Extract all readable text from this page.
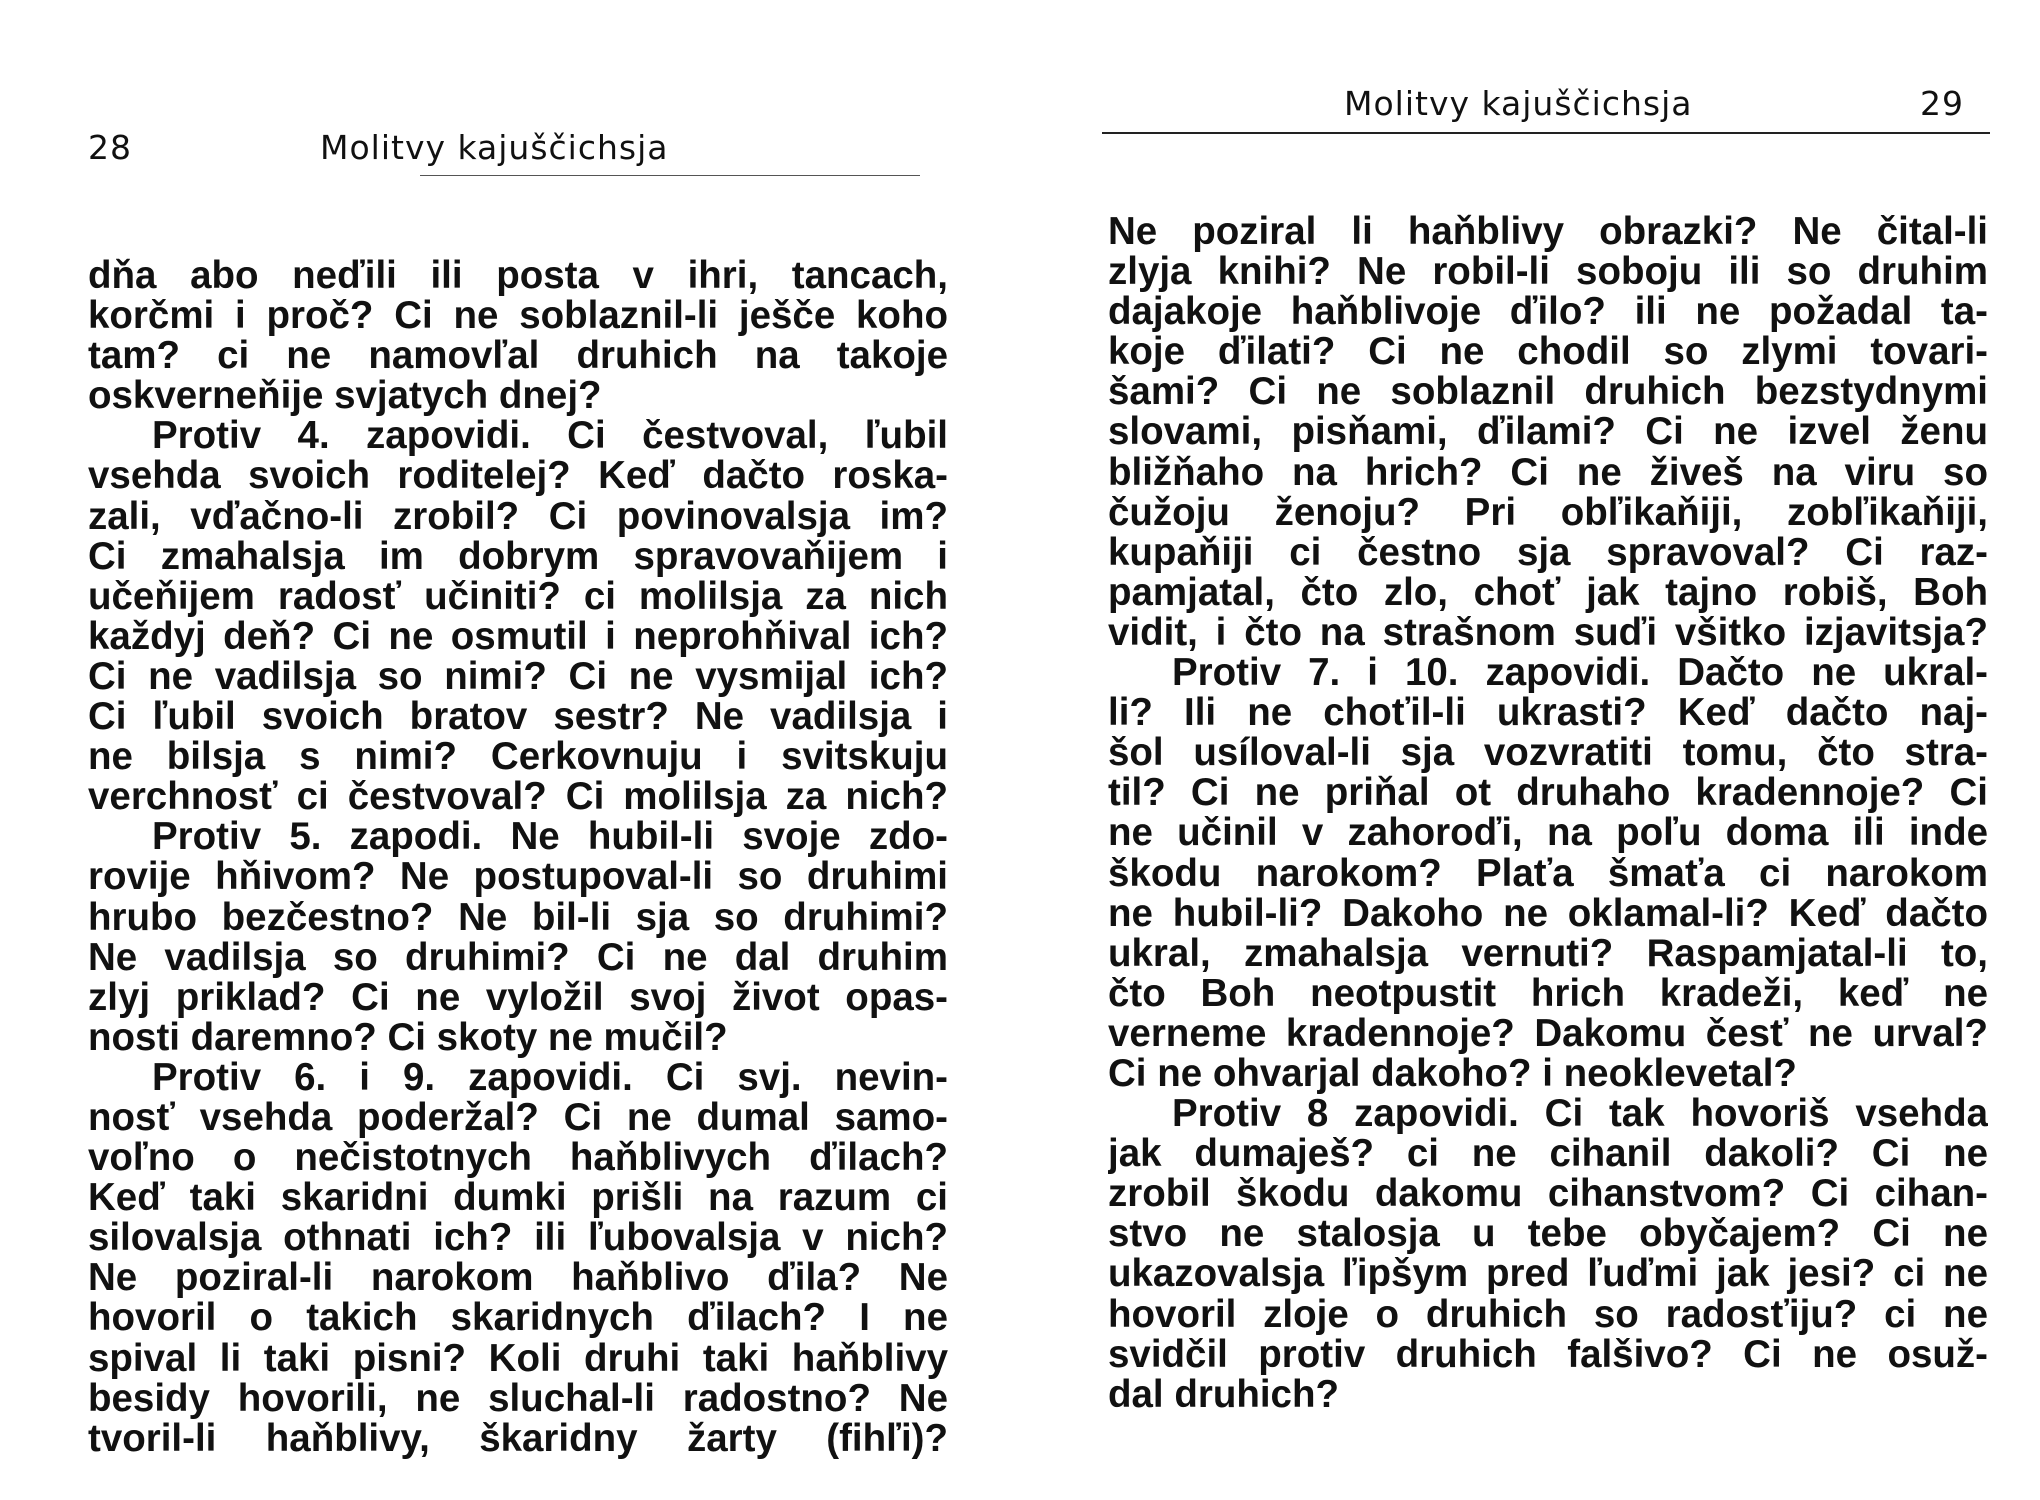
28	Molitvy kajuščichsja
dňa abo neďili ili posta v ihri, tancach,
korčmi i proč? Ci ne soblaznil-li ješče koho
tam? ci ne namovľal druhich na takoje
oskverneňije svjatych dnej?
Protiv 4. zapovidi. Ci čestvoval, ľubil
vsehda svoich roditelej? Keď dačto roska-
zali, vďačno-li zrobil? Ci povinovalsja im?
Ci zmahalsja im dobrym spravovaňijem i
učeňijem radosť učiniti? ci molilsja za nich
každyj deň? Ci ne osmutil i neprohňival ich?
Ci ne vadilsja so nimi? Ci ne vysmijal ich?
Ci ľubil svoich bratov sestr? Ne vadilsja i
ne bilsja s nimi? Cerkovnuju i svitskuju
verchnosť ci čestvoval? Ci molilsja za nich?
Protiv 5. zapodi. Ne hubil-li svoje zdo-
rovije hňivom? Ne postupoval-li so druhimi
hrubo bezčestno? Ne bil-li sja so druhimi?
Ne vadilsja so druhimi? Ci ne dal druhim
zlyj priklad? Ci ne vyložil svoj život opas-
nosti daremno? Ci skoty ne mučil?
Protiv 6. i 9. zapovidi. Ci svj. nevin-
nosť vsehda poderžal? Ci ne dumal samo-
voľno o nečistotnych haňblivych ďilach?
Keď taki skaridni dumki prišli na razum ci
silovalsja othnati ich? ili ľubovalsja v nich?
Ne poziral-li narokom haňblivo ďila? Ne
hovoril o takich skaridnych ďilach? I ne
spival li taki pisni? Koli druhi taki haňblivy
besidy hovorili, ne sluchal-li radostno? Ne
tvoril-li haňblivy, škaridny žarty (fihľi)?
Molitvy kajuščichsja	29
Ne poziral li haňblivy obrazki? Ne čital-li
zlyja knihi? Ne robil-li soboju ili so druhim
dajakoje haňblivoje ďilo? ili ne požadal ta-
koje ďilati? Ci ne chodil so zlymi tovari-
šami? Ci ne soblaznil druhich bezstydnymi
slovami, pisňami, ďilami? Ci ne izvel ženu
bližňaho na hrich? Ci ne živeš na viru so
čužoju ženoju? Pri obľikaňiji, zobľikaňiji,
kupaňiji ci čestno sja spravoval? Ci raz-
pamjatal, čto zlo, choť jak tajno robiš, Boh
vidit, i čto na strašnom suďi všitko izjavitsja?
Protiv 7. i 10. zapovidi. Dačto ne ukral-
li? Ili ne choťil-li ukrasti? Keď dačto naj-
šol usíloval-li sja vozvratiti tomu, čto stra-
til? Ci ne priňal ot druhaho kradennoje? Ci
ne učinil v zahoroďi, na poľu doma ili inde
škodu narokom? Plaťa šmaťa ci narokom
ne hubil-li? Dakoho ne oklamal-li? Keď dačto
ukral, zmahalsja vernuti? Raspamjatal-li to,
čto Boh neotpustit hrich kradeži, keď ne
verneme kradennoje? Dakomu česť ne urval?
Ci ne ohvarjal dakoho? i neoklevetal?
Protiv 8 zapovidi. Ci tak hovoriš vsehda
jak dumaješ? ci ne cihanil dakoli? Ci ne
zrobil škodu dakomu cihanstvom? Ci cihan-
stvo ne stalosja u tebe obyčajem? Ci ne
ukazovalsja ľipšym pred ľuďmi jak jesi? ci ne
hovoril zloje o druhich so radosťiju? ci ne
svidčil protiv druhich falšivo? Ci ne osuž-
dal druhich?
